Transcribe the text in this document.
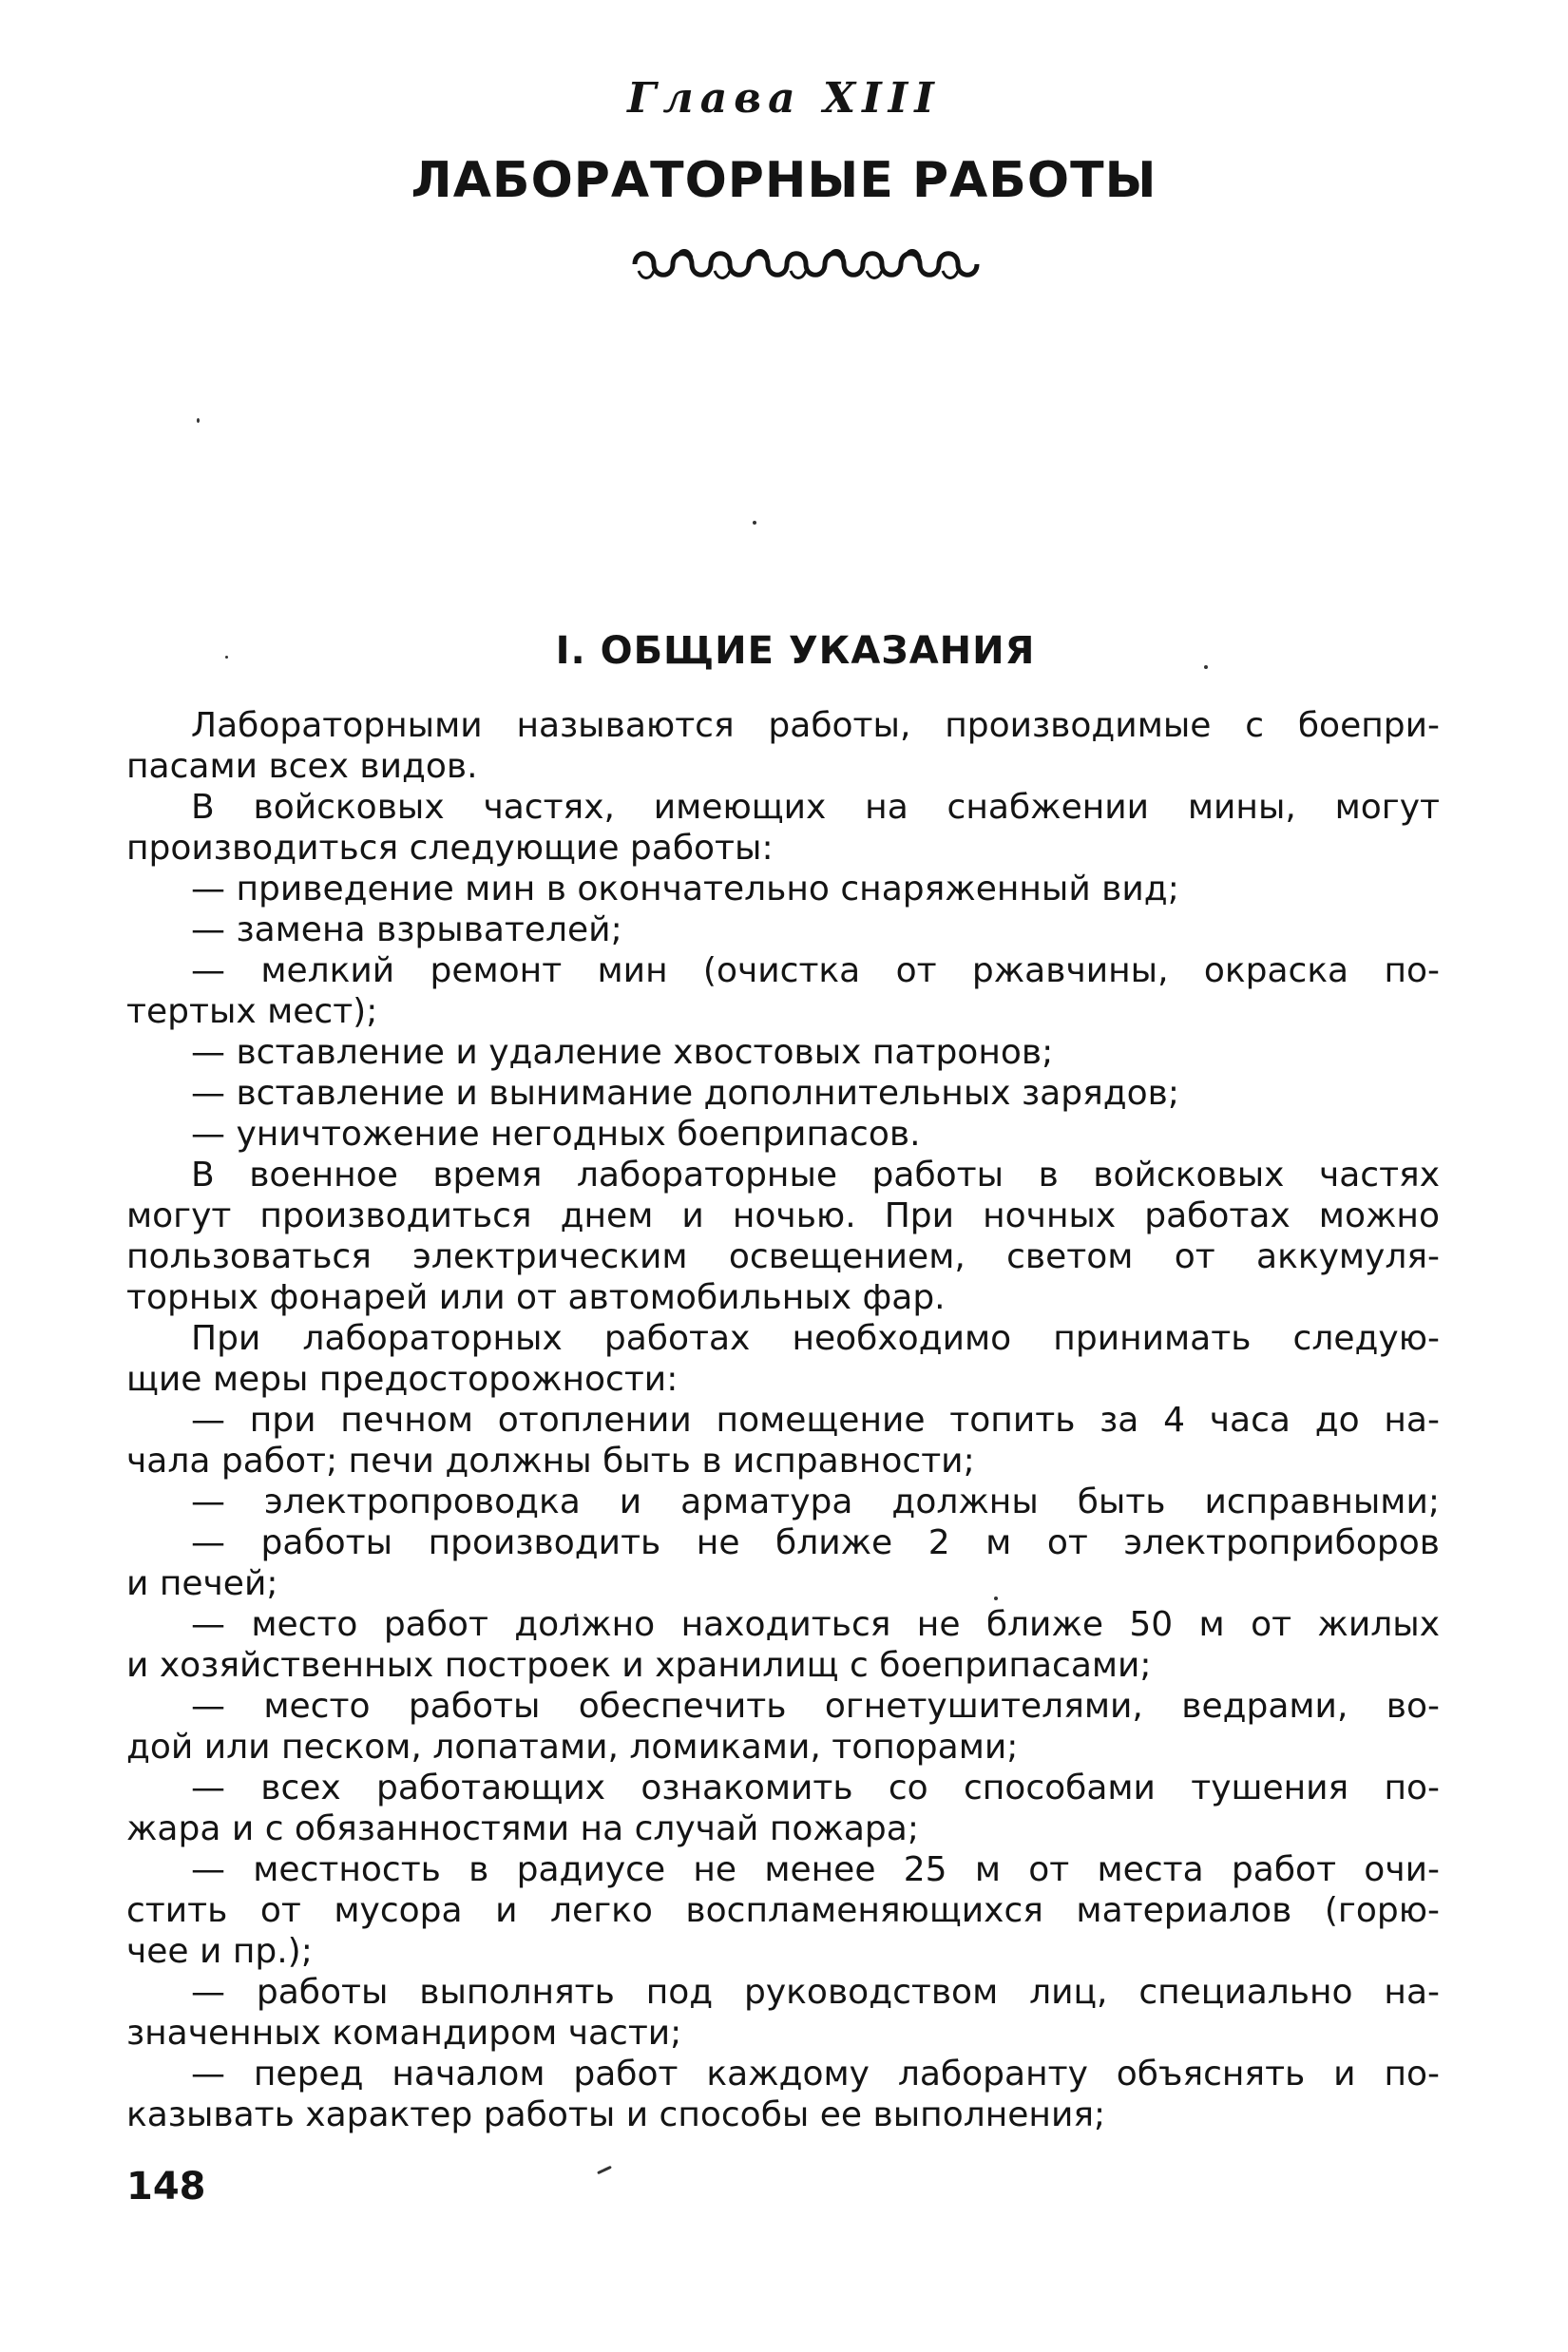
Глава XIII
ЛАБОРАТОРНЫЕ РАБОТЫ
I. ОБЩИЕ УКАЗАНИЯ
Лабораторными называются работы, производимые с боепри-
пасами всех видов.
В войсковых частях, имеющих на снабжении мины, могут
производиться следующие работы:
— приведение мин в окончательно снаряженный вид;
— замена взрывателей;
— мелкий ремонт мин (очистка от ржавчины, окраска по-
тертых мест);
— вставление и удаление хвостовых патронов;
— вставление и вынимание дополнительных зарядов;
— уничтожение негодных боеприпасов.
В военное время лабораторные работы в войсковых частях
могут производиться днем и ночью. При ночных работах можно
пользоваться электрическим освещением, светом от аккумуля-
торных фонарей или от автомобильных фар.
При лабораторных работах необходимо принимать следую-
щие меры предосторожности:
— при печном отоплении помещение топить за 4 часа до на-
чала работ; печи должны быть в исправности;
— электропроводка и арматура должны быть исправными;
— работы производить не ближе 2 м от электроприборов
и печей;
— место работ должно находиться не ближе 50 м от жилых
и хозяйственных построек и хранилищ с боеприпасами;
— место работы обеспечить огнетушителями, ведрами, во-
дой или песком, лопатами, ломиками, топорами;
— всех работающих ознакомить со способами тушения по-
жара и с обязанностями на случай пожара;
— местность в радиусе не менее 25 м от места работ очи-
стить от мусора и легко воспламеняющихся материалов (горю-
чее и пр.);
— работы выполнять под руководством лиц, специально на-
значенных командиром части;
— перед началом работ каждому лаборанту объяснять и по-
казывать характер работы и способы ее выполнения;
148
